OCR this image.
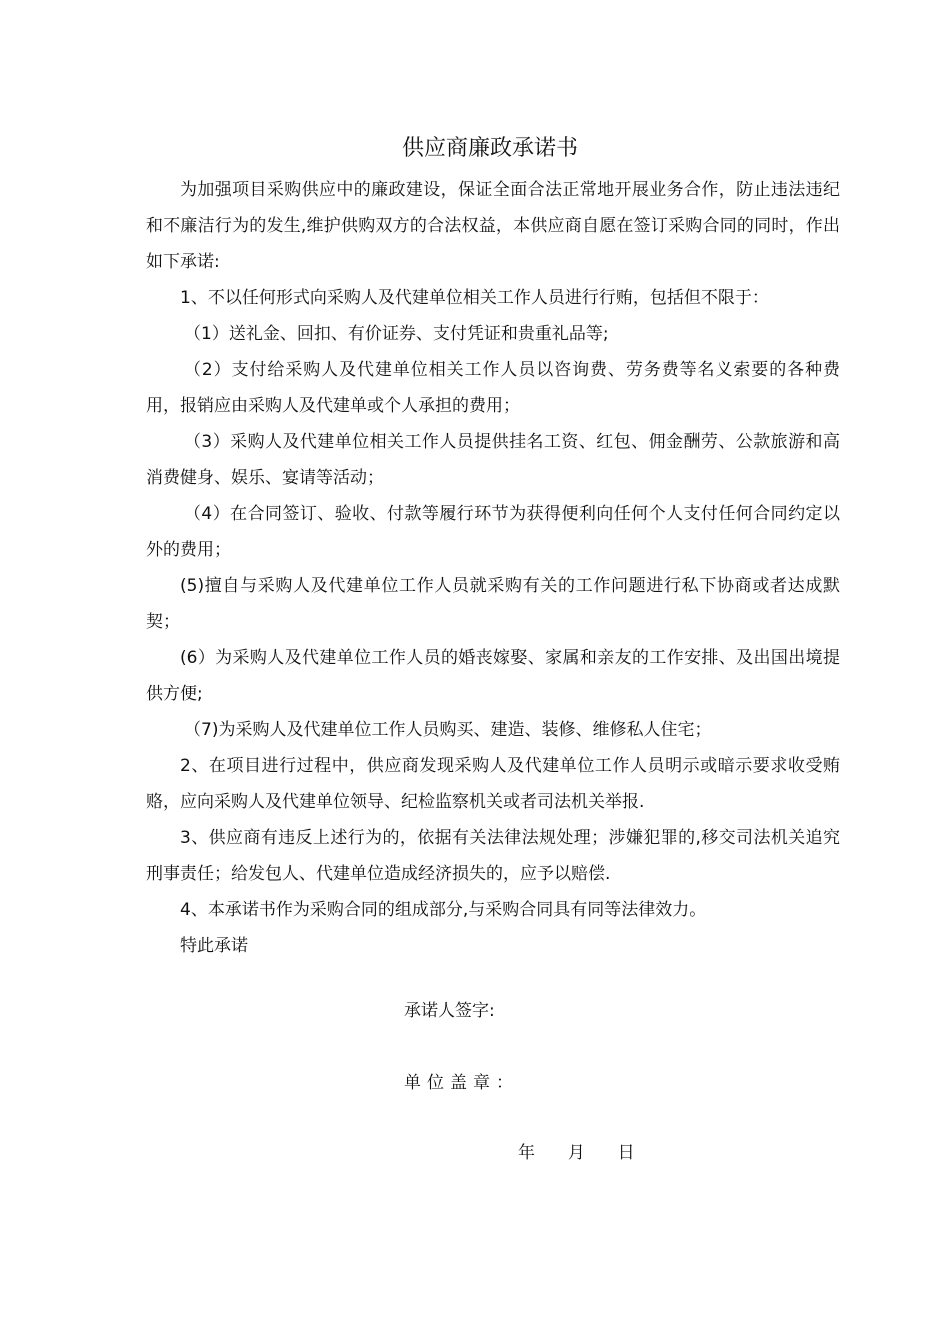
供应商廉政承诺书

为加强项目采购供应中的廉政建设，保证全面合法正常地开展业务合作，防止违法违纪和不廉洁行为的发生,维护供购双方的合法权益，本供应商自愿在签订采购合同的同时，作出如下承诺:

1、不以任何形式向采购人及代建单位相关工作人员进行行贿，包括但不限于：

（1）送礼金、回扣、有价证券、支付凭证和贵重礼品等;

（2）支付给采购人及代建单位相关工作人员以咨询费、劳务费等名义索要的各种费用，报销应由采购人及代建单或个人承担的费用；

（3）采购人及代建单位相关工作人员提供挂名工资、红包、佣金酬劳、公款旅游和高消费健身、娱乐、宴请等活动；

（4）在合同签订、验收、付款等履行环节为获得便利向任何个人支付任何合同约定以外的费用；

(5)擅自与采购人及代建单位工作人员就采购有关的工作问题进行私下协商或者达成默契；

(6）为采购人及代建单位工作人员的婚丧嫁娶、家属和亲友的工作安排、及出国出境提供方便;

（7)为采购人及代建单位工作人员购买、建造、装修、维修私人住宅；

2、在项目进行过程中，供应商发现采购人及代建单位工作人员明示或暗示要求收受贿赂，应向采购人及代建单位领导、纪检监察机关或者司法机关举报.

3、供应商有违反上述行为的，依据有关法律法规处理；涉嫌犯罪的,移交司法机关追究刑事责任；给发包人、代建单位造成经济损失的，应予以赔偿.

4、本承诺书作为采购合同的组成部分,与采购合同具有同等法律效力。

特此承诺

承诺人签字:
单位盖章：
年 月 日
